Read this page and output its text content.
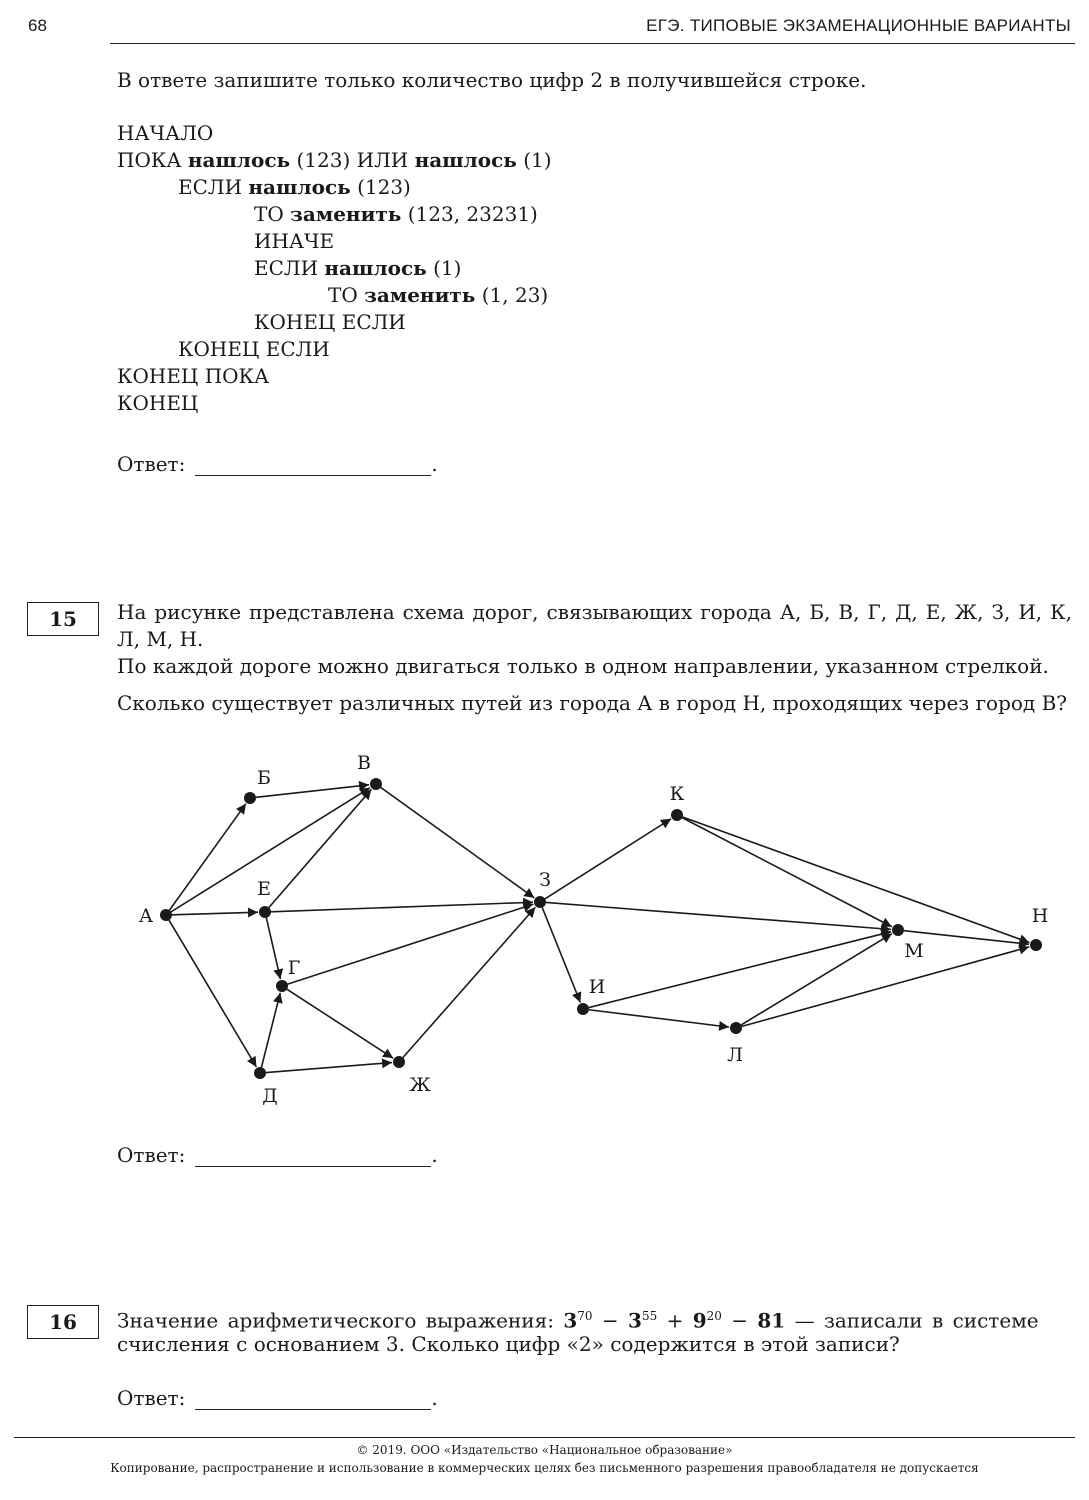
68	ЕГЭ. ТИПОВЫЕ ЭКЗАМЕНАЦИОННЫЕ ВАРИАНТЫ
В ответе запишите только количество цифр 2 в получившейся строке.
НАЧАЛО
ПОКА нашлось (123) ИЛИ нашлось (1)
ЕСЛИ нашлось (123)
ТО заменить (123, 23231)
ИНАЧЕ
ЕСЛИ нашлось (1)
ТО заменить (1, 23)
КОНЕЦ ЕСЛИ
КОНЕЦ ЕСЛИ
КОНЕЦ ПОКА
КОНЕЦ
Ответ:	.
15	На рисунке представлена схема дорог, связывающих города А, Б, В, Г, Д, Е, Ж, З, И, К, Л, М, Н.
По каждой дороге можно двигаться только в одном направлении, указанном стрелкой.
Сколько существует различных путей из города А в город Н, проходящих через город В?
А
Б
В
Е
Г
Д	Ж
З
И
К
Л
М
Н
Ответ:	.
16	Значение арифметического выражения: $3^{70} - 3^{55} + 9^{20} - 81$ — записали в системе
счисления с основанием 3. Сколько цифр «2» содержится в этой записи?
Ответ:	.
© 2019. ООО «Издательство «Национальное образование»
Копирование, распространение и использование в коммерческих целях без письменного разрешения правообладателя не допускается
